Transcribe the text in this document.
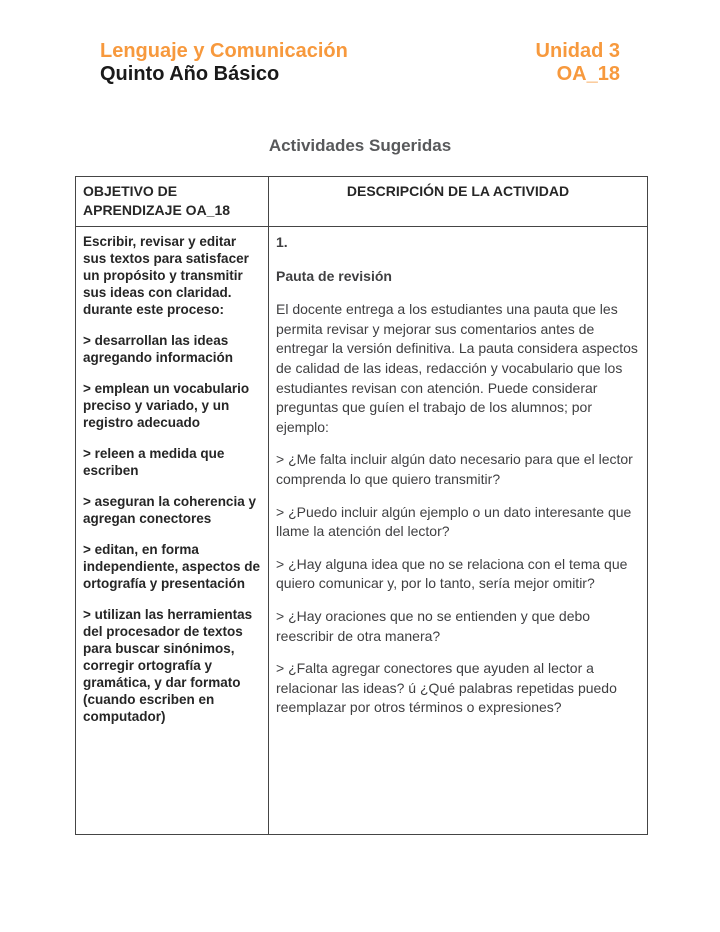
Lenguaje y Comunicación
Quinto Año Básico
Unidad 3
OA_18
Actividades Sugeridas
OBJETIVO DE APRENDIZAJE OA_18
DESCRIPCIÓN DE LA ACTIVIDAD

Escribir, revisar y editar sus textos para satisfacer un propósito y transmitir sus ideas con claridad. durante este proceso:

> desarrollan las ideas agregando información

> emplean un vocabulario preciso y variado, y un registro adecuado

> releen a medida que escriben

> aseguran la coherencia y agregan conectores

> editan, en forma independiente, aspectos de ortografía y presentación

> utilizan las herramientas del procesador de textos para buscar sinónimos, corregir ortografía y gramática, y dar formato (cuando escriben en computador)

1.

Pauta de revisión

El docente entrega a los estudiantes una pauta que les permita revisar y mejorar sus comentarios antes de entregar la versión definitiva. La pauta considera aspectos de calidad de las ideas, redacción y vocabulario que los estudiantes revisan con atención. Puede considerar preguntas que guíen el trabajo de los alumnos; por ejemplo:

> ¿Me falta incluir algún dato necesario para que el lector comprenda lo que quiero transmitir?

> ¿Puedo incluir algún ejemplo o un dato interesante que llame la atención del lector?

> ¿Hay alguna idea que no se relaciona con el tema que quiero comunicar y, por lo tanto, sería mejor omitir?

> ¿Hay oraciones que no se entienden y que debo reescribir de otra manera?

> ¿Falta agregar conectores que ayuden al lector a relacionar las ideas? ú ¿Qué palabras repetidas puedo reemplazar por otros términos o expresiones?
